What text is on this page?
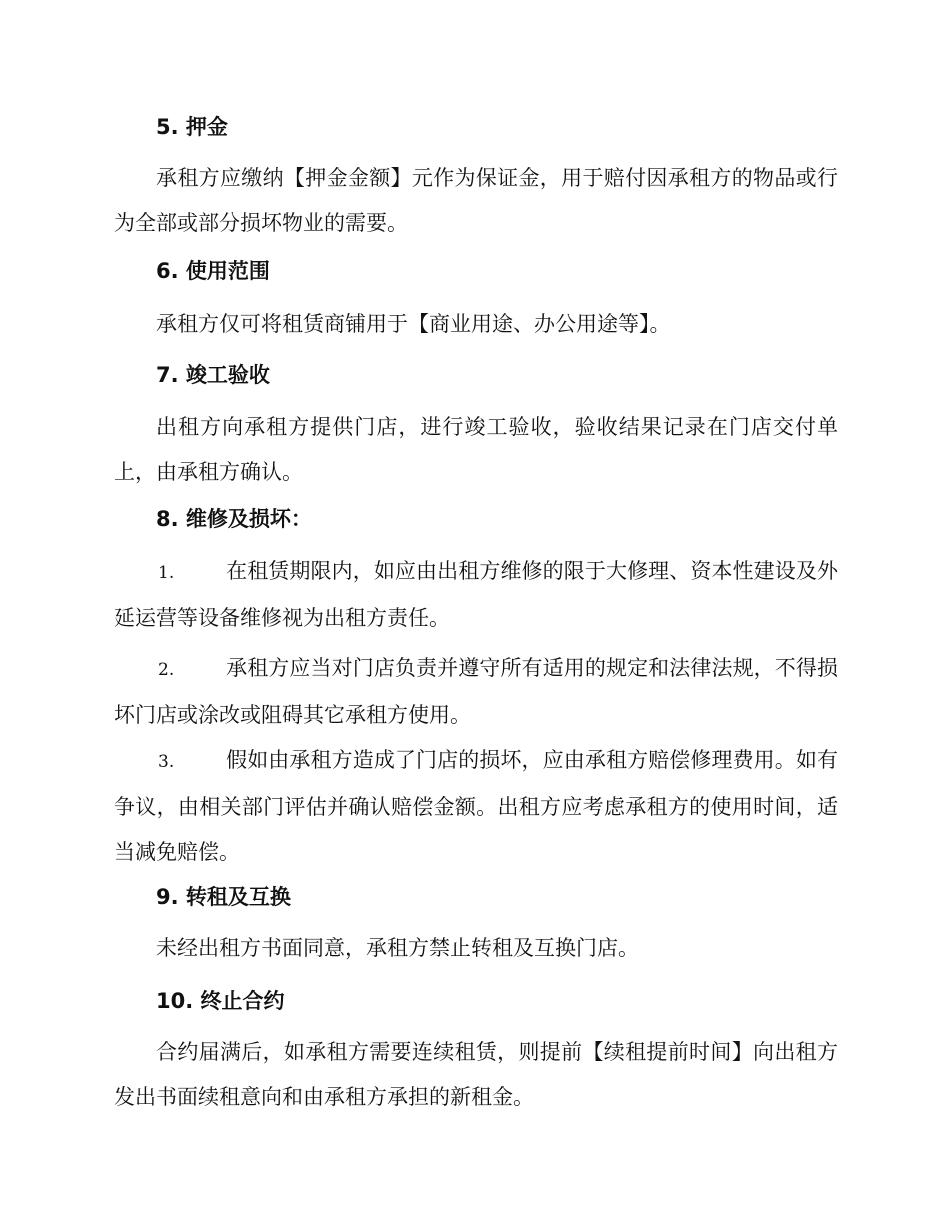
5. 押金

承租方应缴纳【押金金额】元作为保证金，用于赔付因承租方的物品或行为全部或部分损坏物业的需要。

6. 使用范围

承租方仅可将租赁商铺用于【商业用途、办公用途等】。

7. 竣工验收

出租方向承租方提供门店，进行竣工验收，验收结果记录在门店交付单上，由承租方确认。

8. 维修及损坏：

1. 在租赁期限内，如应由出租方维修的限于大修理、资本性建设及外延运营等设备维修视为出租方责任。

2. 承租方应当对门店负责并遵守所有适用的规定和法律法规，不得损坏门店或涂改或阻碍其它承租方使用。

3. 假如由承租方造成了门店的损坏，应由承租方赔偿修理费用。如有争议，由相关部门评估并确认赔偿金额。出租方应考虑承租方的使用时间，适当减免赔偿。

9. 转租及互换

未经出租方书面同意，承租方禁止转租及互换门店。

10. 终止合约

合约届满后，如承租方需要连续租赁，则提前【续租提前时间】向出租方发出书面续租意向和由承租方承担的新租金。
